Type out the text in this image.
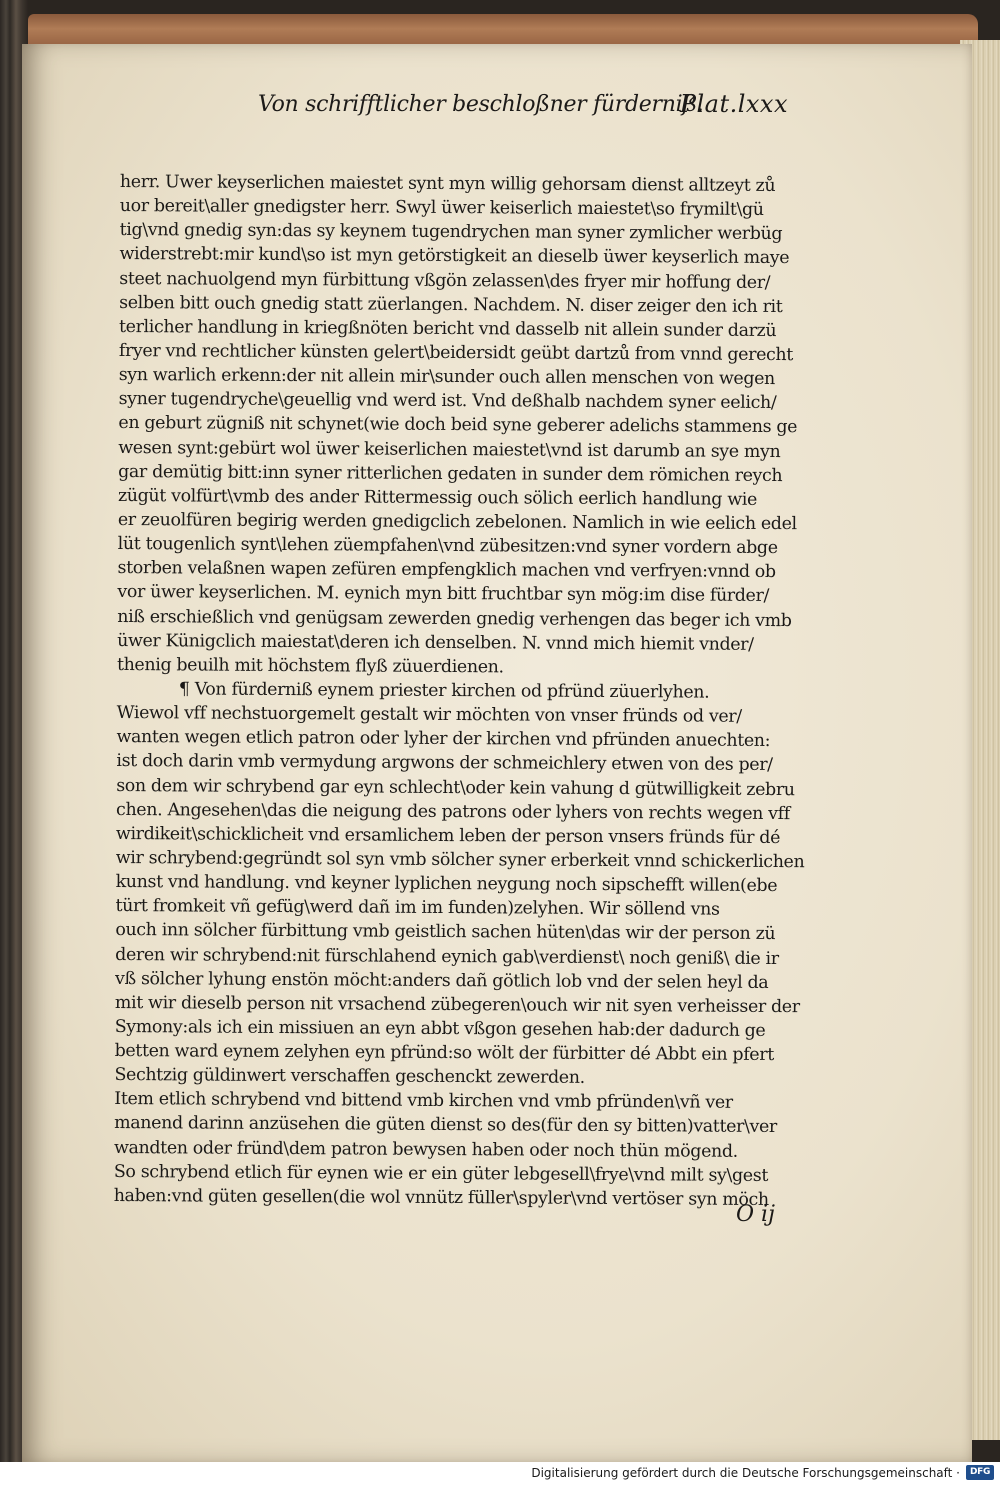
Von schrifftlicher beschloßner fürderniß.
Plat.lxxx
herr. Uwer keyserlichen maiestet synt myn willig gehorsam dienst alltzeyt zů
uor bereit\aller gnedigster herr. Swyl üwer keiserlich maiestet\so frymilt\gü
tig\vnd gnedig syn:das sy keynem tugendrychen man syner zymlicher werbüg
widerstrebt:mir kund\so ist myn getörstigkeit an dieselb üwer keyserlich maye
steet nachuolgend myn fürbittung vßgön zelassen\des fryer mir hoffung der/
selben bitt ouch gnedig statt züerlangen. Nachdem. N. diser zeiger den ich rit
terlicher handlung in kriegßnöten bericht vnd dasselb nit allein sunder darzü
fryer vnd rechtlicher künsten gelert\beidersidt geübt dartzů from vnnd gerecht
syn warlich erkenn:der nit allein mir\sunder ouch allen menschen von wegen
syner tugendryche\geuellig vnd werd ist. Vnd deßhalb nachdem syner eelich/
en geburt zügniß nit schynet(wie doch beid syne geberer adelichs stammens ge
wesen synt:gebürt wol üwer keiserlichen maiestet\vnd ist darumb an sye myn
gar demütig bitt:inn syner ritterlichen gedaten in sunder dem römichen reych
zügüt volfürt\vmb des ander Rittermessig ouch sölich eerlich handlung wie
er zeuolfüren begirig werden gnedigclich zebelonen. Namlich in wie eelich edel
lüt tougenlich synt\lehen züempfahen\vnd zübesitzen:vnd syner vordern abge
storben velaßnen wapen zefüren empfengklich machen vnd verfryen:vnnd ob
vor üwer keyserlichen. M. eynich myn bitt fruchtbar syn mög:im dise fürder/
niß erschießlich vnd genügsam zewerden gnedig verhengen das beger ich vmb
üwer Künigclich maiestat\deren ich denselben. N. vnnd mich hiemit vnder/
thenig beuilh mit höchstem flyß züuerdienen.
¶ Von fürderniß eynem priester kirchen od pfründ züuerlyhen.
Wiewol vff nechstuorgemelt gestalt wir möchten von vnser fründs od ver/
wanten wegen etlich patron oder lyher der kirchen vnd pfründen anuechten:
ist doch darin vmb vermydung argwons der schmeichlery etwen von des per/
son dem wir schrybend gar eyn schlecht\oder kein vahung d gütwilligkeit zebru
chen. Angesehen\das die neigung des patrons oder lyhers von rechts wegen vff
wirdikeit\schicklicheit vnd ersamlichem leben der person vnsers fründs für dé
wir schrybend:gegründt sol syn vmb sölcher syner erberkeit vnnd schickerlichen
kunst vnd handlung. vnd keyner lyplichen neygung noch sipschefft willen(ebe
türt fromkeit vñ gefüg\werd dañ im im funden)zelyhen. Wir söllend vns
ouch inn sölcher fürbittung vmb geistlich sachen hüten\das wir der person zü
deren wir schrybend:nit fürschlahend eynich gab\verdienst\ noch geniß\ die ir
vß sölcher lyhung enstön möcht:anders dañ götlich lob vnd der selen heyl da
mit wir dieselb person nit vrsachend zübegeren\ouch wir nit syen verheisser der
Symony:als ich ein missiuen an eyn abbt vßgon gesehen hab:der dadurch ge
betten ward eynem zelyhen eyn pfründ:so wölt der fürbitter dé Abbt ein pfert
Sechtzig güldinwert verschaffen geschenckt zewerden.
Item etlich schrybend vnd bittend vmb kirchen vnd vmb pfründen\vñ ver
manend darinn anzüsehen die güten dienst so des(für den sy bitten)vatter\ver
wandten oder fründ\dem patron bewysen haben oder noch thün mögend.
So schrybend etlich für eynen wie er ein güter lebgesell\frye\vnd milt sy\gest
haben:vnd güten gesellen(die wol vnnütz füller\spyler\vnd vertöser syn möch
O ij
Digitalisierung gefördert durch die Deutsche Forschungsgemeinschaft ·	DFG
